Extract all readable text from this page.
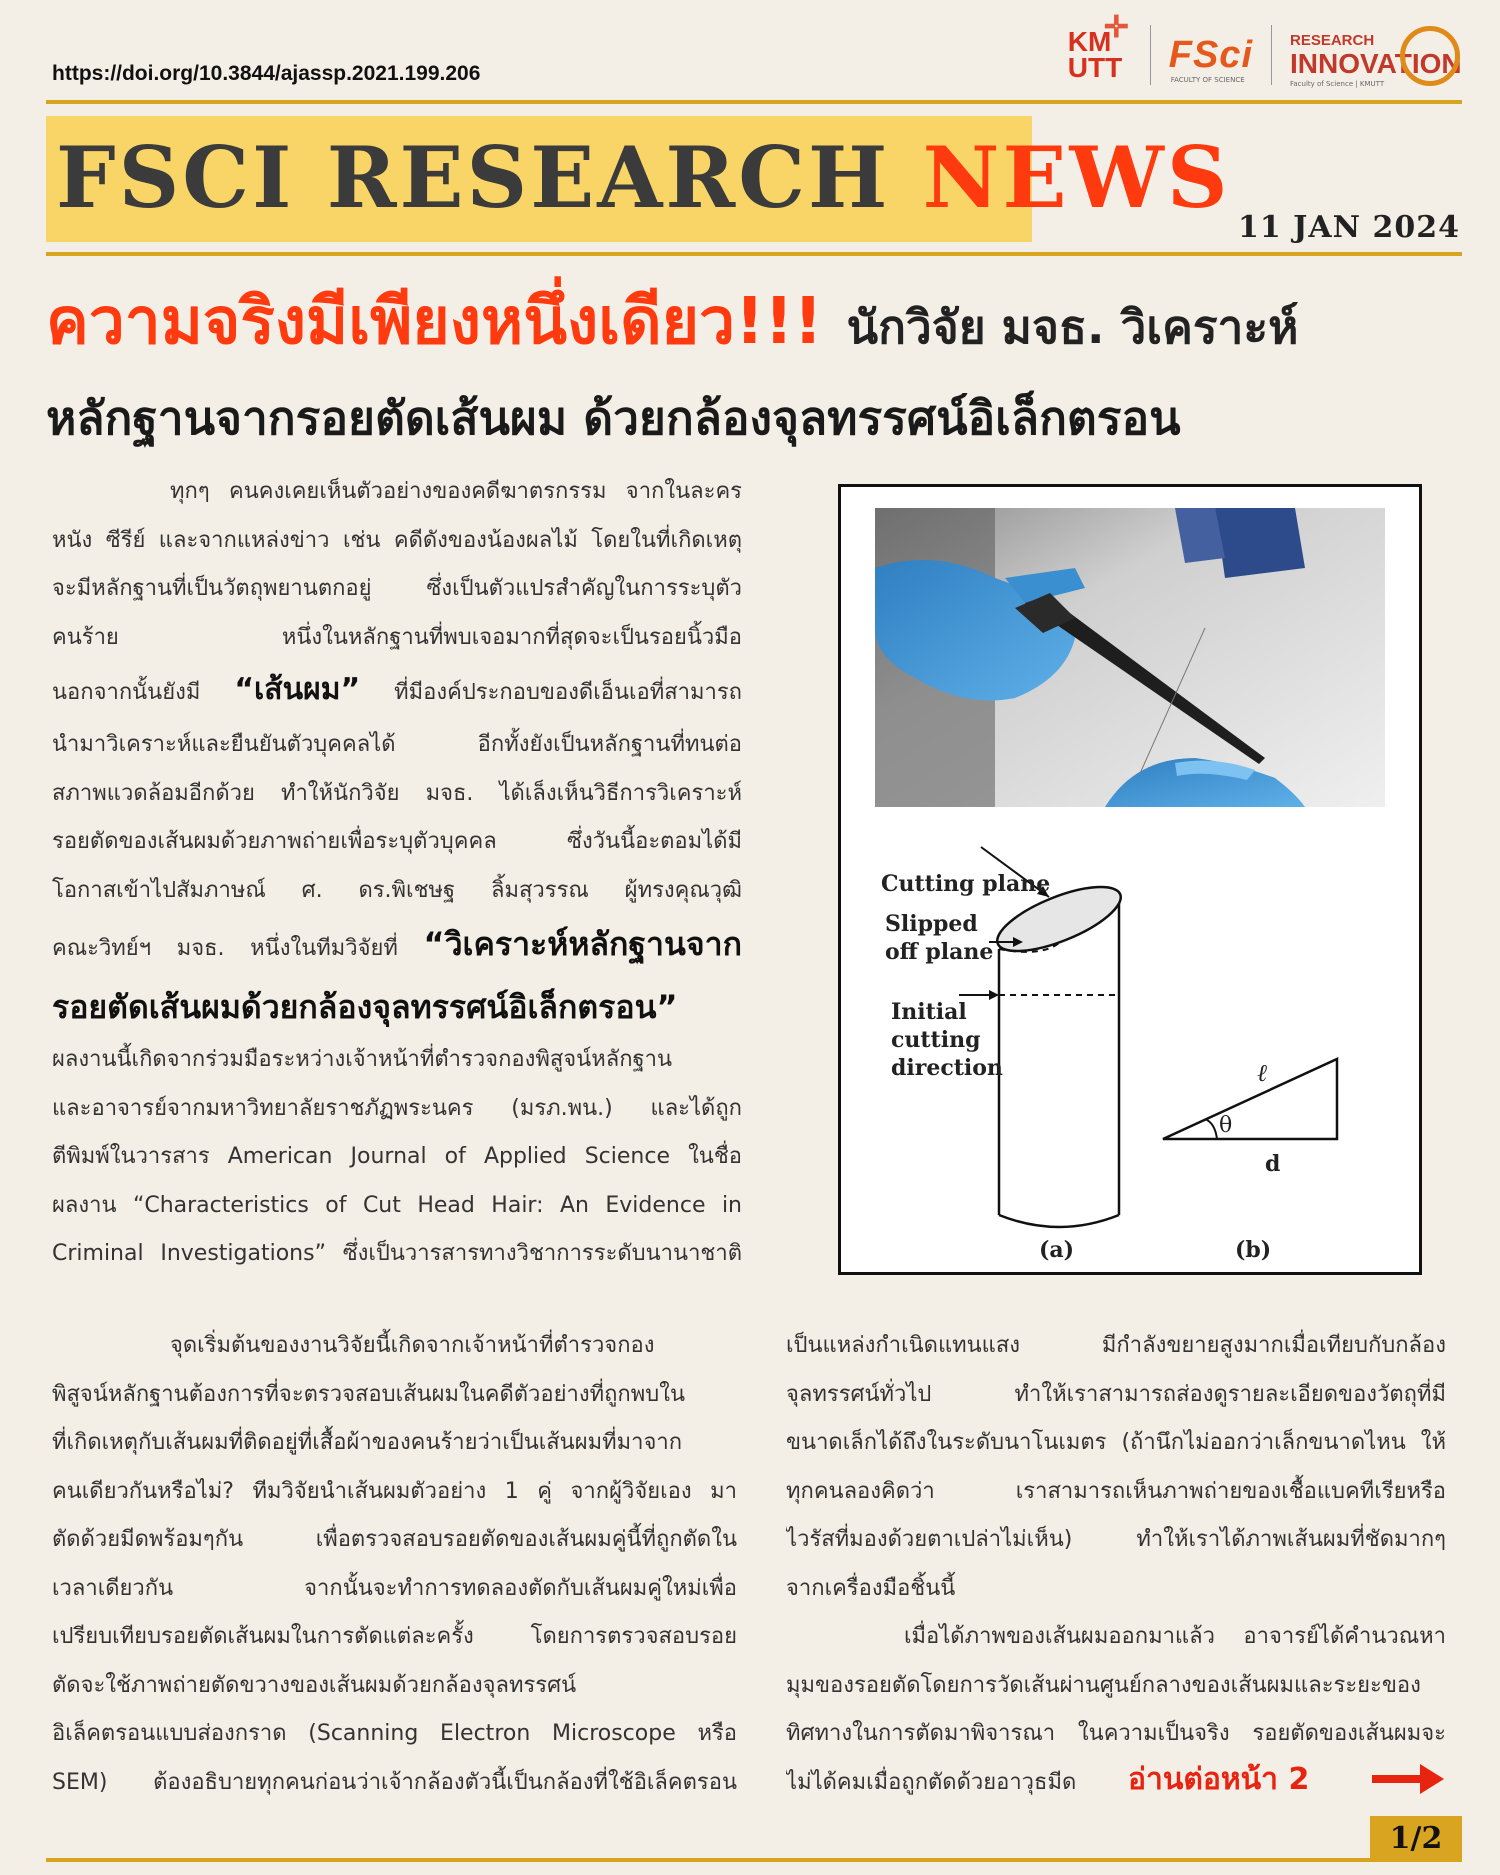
https://doi.org/10.3844/ajassp.2021.199.206
✛
KMUTT FSci
FACULTY OF SCIENCE
RESEARCH
INNOVATION
Faculty of Science | KMUTT
FSCI RESEARCH NEWS
11 JAN 2024
ความจริงมีเพียงหนึ่งเดียว!!! นักวิจัย มจธ. วิเคราะห์
หลักฐานจากรอยตัดเส้นผม ด้วยกล้องจุลทรรศน์อิเล็กตรอน
ทุกๆ คนคงเคยเห็นตัวอย่างของคดีฆาตรกรรม จากในละคร
หนัง ซีรีย์ และจากแหล่งข่าว เช่น คดีดังของน้องผลไม้ โดยในที่เกิดเหตุ
จะมีหลักฐานที่เป็นวัตถุพยานตกอยู่ ซึ่งเป็นตัวแปรสำคัญในการระบุตัว
คนร้าย หนึ่งในหลักฐานที่พบเจอมากที่สุดจะเป็นรอยนิ้วมือ
นอกจากนั้นยังมี “เส้นผม” ที่มีองค์ประกอบของดีเอ็นเอที่สามารถ
นำมาวิเคราะห์และยืนยันตัวบุคคลได้ อีกทั้งยังเป็นหลักฐานที่ทนต่อ
สภาพแวดล้อมอีกด้วย ทำให้นักวิจัย มจธ. ได้เล็งเห็นวิธีการวิเคราะห์
รอยตัดของเส้นผมด้วยภาพถ่ายเพื่อระบุตัวบุคคล ซึ่งวันนี้อะตอมได้มี
โอกาสเข้าไปสัมภาษณ์ ศ. ดร.พิเชษฐ ลิ้มสุวรรณ ผู้ทรงคุณวุฒิ
คณะวิทย์ฯ มจธ. หนึ่งในทีมวิจัยที่ “วิเคราะห์หลักฐานจาก
รอยตัดเส้นผมด้วยกล้องจุลทรรศน์อิเล็กตรอน”
ผลงานนี้เกิดจากร่วมมือระหว่างเจ้าหน้าที่ตำรวจกองพิสูจน์หลักฐาน
และอาจารย์จากมหาวิทยาลัยราชภัฏพระนคร (มรภ.พน.) และได้ถูก
ตีพิมพ์ในวารสาร American Journal of Applied Science ในชื่อ
ผลงาน “Characteristics of Cut Head Hair: An Evidence in
Criminal Investigations” ซึ่งเป็นวารสารทางวิชาการระดับนานาชาติ
Cutting plane
Slipped
off plane
Initial
cutting
direction
(a)
θ
ℓ
d
(b)
จุดเริ่มต้นของงานวิจัยนี้เกิดจากเจ้าหน้าที่ตำรวจกอง
พิสูจน์หลักฐานต้องการที่จะตรวจสอบเส้นผมในคดีตัวอย่างที่ถูกพบใน
ที่เกิดเหตุกับเส้นผมที่ติดอยู่ที่เสื้อผ้าของคนร้ายว่าเป็นเส้นผมที่มาจาก
คนเดียวกันหรือไม่? ทีมวิจัยนำเส้นผมตัวอย่าง 1 คู่ จากผู้วิจัยเอง มา
ตัดด้วยมีดพร้อมๆกัน เพื่อตรวจสอบรอยตัดของเส้นผมคู่นี้ที่ถูกตัดใน
เวลาเดียวกัน จากนั้นจะทำการทดลองตัดกับเส้นผมคู่ใหม่เพื่อ
เปรียบเทียบรอยตัดเส้นผมในการตัดแต่ละครั้ง โดยการตรวจสอบรอย
ตัดจะใช้ภาพถ่ายตัดขวางของเส้นผมด้วยกล้องจุลทรรศน์
อิเล็คตรอนแบบส่องกราด (Scanning Electron Microscope หรือ
SEM) ต้องอธิบายทุกคนก่อนว่าเจ้ากล้องตัวนี้เป็นกล้องที่ใช้อิเล็คตรอน
เป็นแหล่งกำเนิดแทนแสง มีกำลังขยายสูงมากเมื่อเทียบกับกล้อง
จุลทรรศน์ทั่วไป ทำให้เราสามารถส่องดูรายละเอียดของวัตถุที่มี
ขนาดเล็กได้ถึงในระดับนาโนเมตร (ถ้านึกไม่ออกว่าเล็กขนาดไหน ให้
ทุกคนลองคิดว่า เราสามารถเห็นภาพถ่ายของเชื้อแบคทีเรียหรือ
ไวรัสที่มองด้วยตาเปล่าไม่เห็น) ทำให้เราได้ภาพเส้นผมที่ชัดมากๆ
จากเครื่องมือชิ้นนี้
เมื่อได้ภาพของเส้นผมออกมาแล้ว อาจารย์ได้คำนวณหา
มุมของรอยตัดโดยการวัดเส้นผ่านศูนย์กลางของเส้นผมและระยะของ
ทิศทางในการตัดมาพิจารณา ในความเป็นจริง รอยตัดของเส้นผมจะ
ไม่ได้คมเมื่อถูกตัดด้วยอาวุธมีด	อ่านต่อหน้า 2
1/2
